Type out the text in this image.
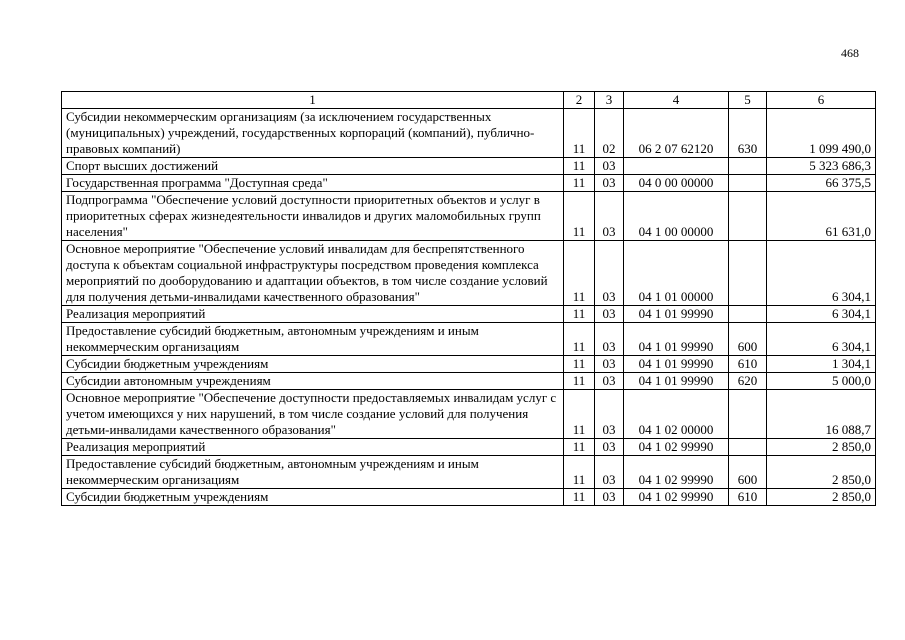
468
1	2	3	4	5	6
Субсидии некоммерческим организациям (за исключением государственных (муниципальных) учреждений, государственных корпораций (компаний), публично-правовых компаний)	11	02	06 2 07 62120	630	1 099 490,0
Спорт высших достижений	11	03			5 323 686,3
Государственная программа "Доступная среда"	11	03	04 0 00 00000		66 375,5
Подпрограмма "Обеспечение условий доступности приоритетных объектов и услуг в приоритетных сферах жизнедеятельности инвалидов и других маломобильных групп населения"	11	03	04 1 00 00000		61 631,0
Основное мероприятие "Обеспечение условий инвалидам для беспрепятственного доступа к объектам социальной инфраструктуры посредством проведения комплекса мероприятий по дооборудованию и адаптации объектов, в том числе создание условий для получения детьми-инвалидами качественного образования"	11	03	04 1 01 00000		6 304,1
Реализация мероприятий	11	03	04 1 01 99990		6 304,1
Предоставление субсидий бюджетным, автономным учреждениям и иным некоммерческим организациям	11	03	04 1 01 99990	600	6 304,1
Субсидии бюджетным учреждениям	11	03	04 1 01 99990	610	1 304,1
Субсидии автономным учреждениям	11	03	04 1 01 99990	620	5 000,0
Основное мероприятие "Обеспечение доступности предоставляемых инвалидам услуг с учетом имеющихся у них нарушений, в том числе создание условий для получения детьми-инвалидами качественного образования"	11	03	04 1 02 00000		16 088,7
Реализация мероприятий	11	03	04 1 02 99990		2 850,0
Предоставление субсидий бюджетным, автономным учреждениям и иным некоммерческим организациям	11	03	04 1 02 99990	600	2 850,0
Субсидии бюджетным учреждениям	11	03	04 1 02 99990	610	2 850,0
